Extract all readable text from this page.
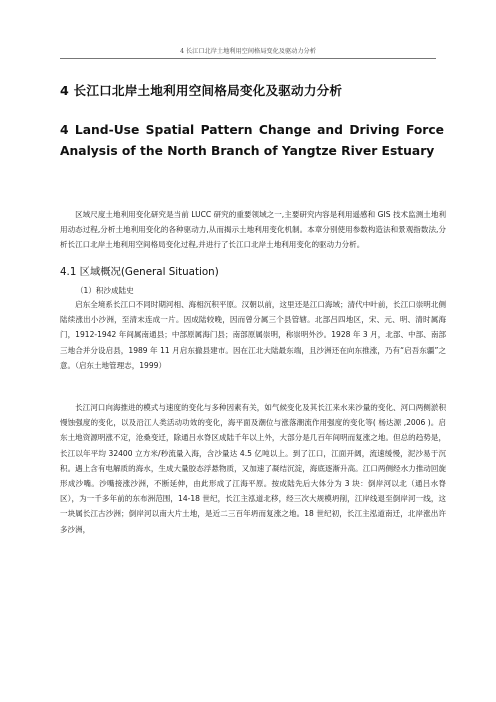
4 长江口北岸土地利用空间格局变化及驱动力分析
4 长江口北岸土地利用空间格局变化及驱动力分析
4 Land-Use Spatial Pattern Change and Driving Force Analysis of the North Branch of Yangtze River Estuary

区域尺度土地利用变化研究是当前 LUCC 研究的重要领域之一,主要研究内容是利用遥感和 GIS 技术监测土地利用动态过程,分析土地利用变化的各种驱动力,从而揭示土地利用变化机制。本章分别使用参数构造法和景观指数法,分析长江口北岸土地利用空间格局变化过程,并进行了长江口北岸土地利用变化的驱动力分析。

4.1 区域概况(General Situation)
（1）积沙成陆史

启东全境系长江口不同时期河相、海相沉积平原。汉朝以前，这里还是江口海域；清代中叶前，长江口崇明北侧陆续涨出小沙洲，至清末连成一片。因成陆较晚，因而曾分属三个县管辖。北部吕四地区，宋、元、明、清时属海门，1912-1942 年间属南通县；中部原属海门县；南部原属崇明，称崇明外沙。1928 年 3 月，北部、中部、南部三地合并分设启县，1989 年 11 月启东撤县建市。因在江北大陆最东端，且沙洲还在向东推涨，乃有“启吾东疆”之意。（启东土地管理志，1999）

长江河口向海推进的模式与速度的变化与多种因素有关，如气候变化及其长江来水来沙量的变化、河口两侧淤积慢蚀强度的变化，以及沿江人类活动功效的变化，海平面及潮位与涨落潮流作用强度的变化等( 杨达源 ,2006 )。启东土地资源明涨不定，沧桑变迁，除通吕水脊区成陆千年以上外，大部分是几百年间明而复涨之地。但总的趋势是，长江以年平均 32400 立方米/秒流量入海，含沙量达 4.5 亿吨以上。到了江口，江面开阔，流速缓慢，泥沙易于沉积。遇上含有电解质的海水，生成大量胶态浮悬物质，又加速了凝结沉淀，海底逐渐升高。江口两侧经水力推动回旋形成沙嘴。沙嘴接涨沙洲，不断延伸，由此形成了江海平原。按成陆先后大体分为 3 块：倒岸河以北（通吕水脊区），为一千多年前的东布洲范围，14-18 世纪，长江主泓道北移，经三次大规模坍削，江岸线退至倒岸河一线，这一块属长江古沙洲；倒岸河以南大片土地，是近二三百年坍而复涨之地。18 世纪初，长江主泓道南迁，北岸涨出许多沙洲，
